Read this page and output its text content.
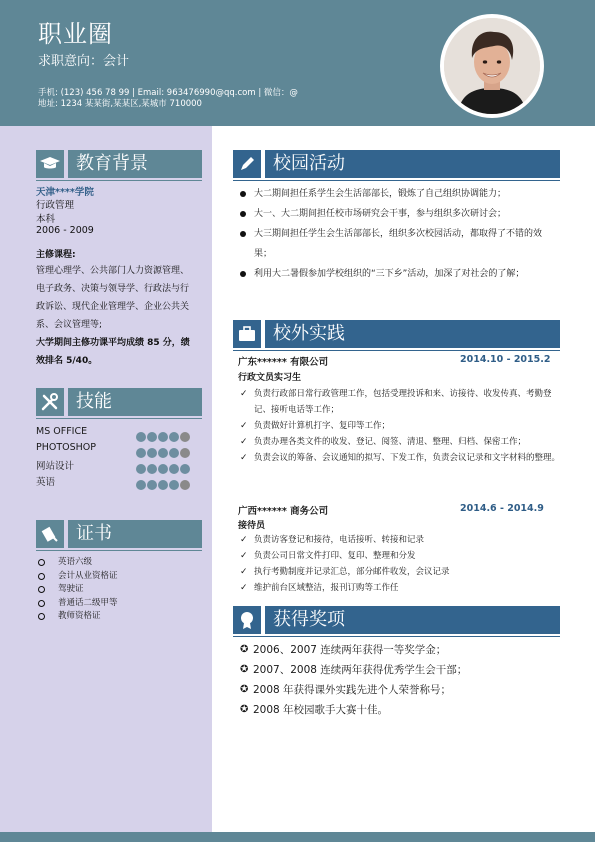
职业圈
求职意向：会计
手机: (123) 456 78 99 | Email: 963476990@qq.com | 微信：@
地址: 1234 某某街,某某区,某城市 710000
教育背景
天津****学院
行政管理
本科
2006 - 2009
主修课程:
管理心理学、公共部门人力资源管理、电子政务、决策与领导学、行政法与行政诉讼、现代企业管理学、企业公共关系、会议管理等;
大学期间主修功课平均成绩 85 分，绩效排名 5/40。
技能
MS OFFICE
PHOTOSHOP
网站设计
英语
证书
英语六级
会计从业资格证
驾驶证
普通话二级甲等
教师资格证
校园活动
大二期间担任系学生会生活部部长，锻炼了自己组织协调能力；
大一、大二期间担任校市场研究会干事，参与组织多次研讨会；
大三期间担任学生会生活部部长，组织多次校园活动，都取得了不错的效果；
利用大二暑假参加学校组织的“三下乡”活动，加深了对社会的了解；
校外实践
广东****** 有限公司	2014.10 - 2015.2
行政文员实习生
✓ 负责行政部日常行政管理工作，包括受理投诉和来、访接待、收发传真、考勤登记、接听电话等工作；
✓ 负责做好计算机打字、复印等工作；
✓ 负责办理各类文件的收发、登记、阅签、清退、整理、归档、保密工作；
✓ 负责会议的筹备、会议通知的拟写、下发工作，负责会议记录和文字材料的整理。
广西****** 商务公司	2014.6 - 2014.9
接待员
✓ 负责访客登记和接待，电话接听、转接和记录
✓ 负责公司日常文件打印、复印、整理和分发
✓ 执行考勤制度并记录汇总，部分邮件收发，会议记录
✓ 维护前台区域整洁，报刊订购等工作任
获得奖项
✪ 2006、2007 连续两年获得一等奖学金；
✪ 2007、2008 连续两年获得优秀学生会干部；
✪ 2008 年获得课外实践先进个人荣誉称号；
✪ 2008 年校园歌手大赛十佳。
